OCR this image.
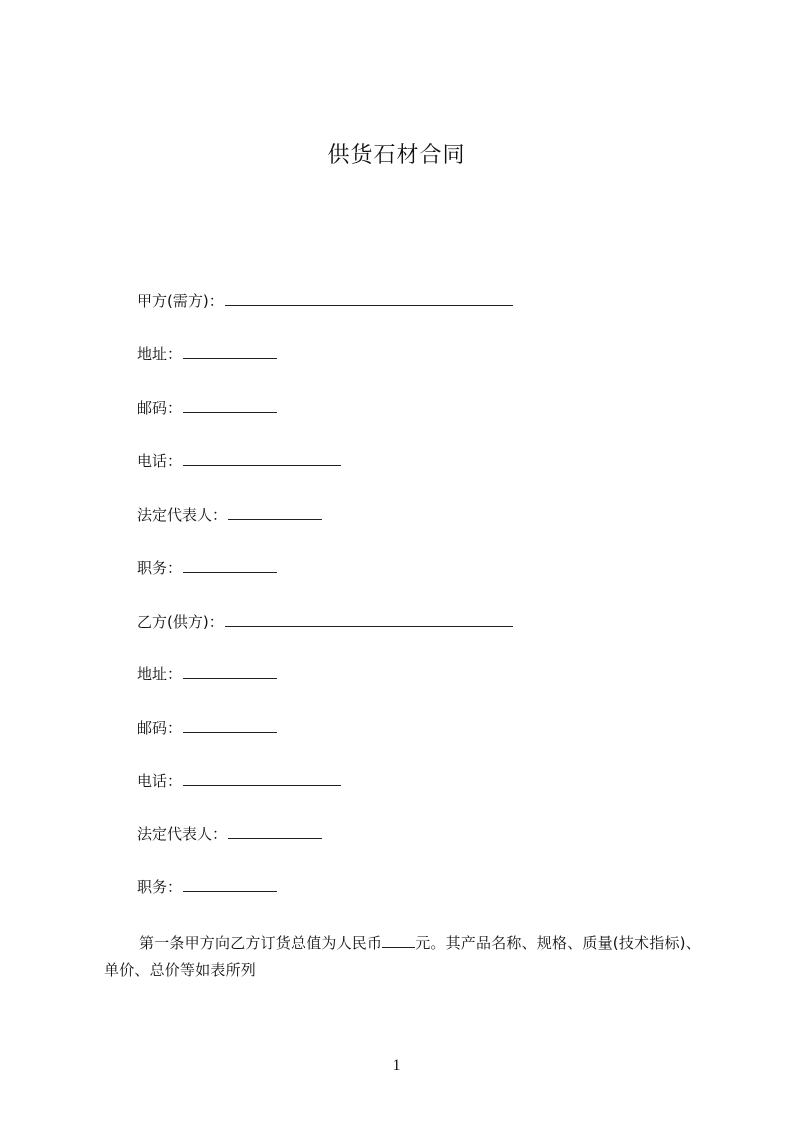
供货石材合同
甲方(需方)：
地址：
邮码：
电话：
法定代表人：
职务：
乙方(供方)：
地址：
邮码：
电话：
法定代表人：
职务：
第一条甲方向乙方订货总值为人民币 元。其产品名称、规格、质量(技术指标)、单价、总价等如表所列
1
